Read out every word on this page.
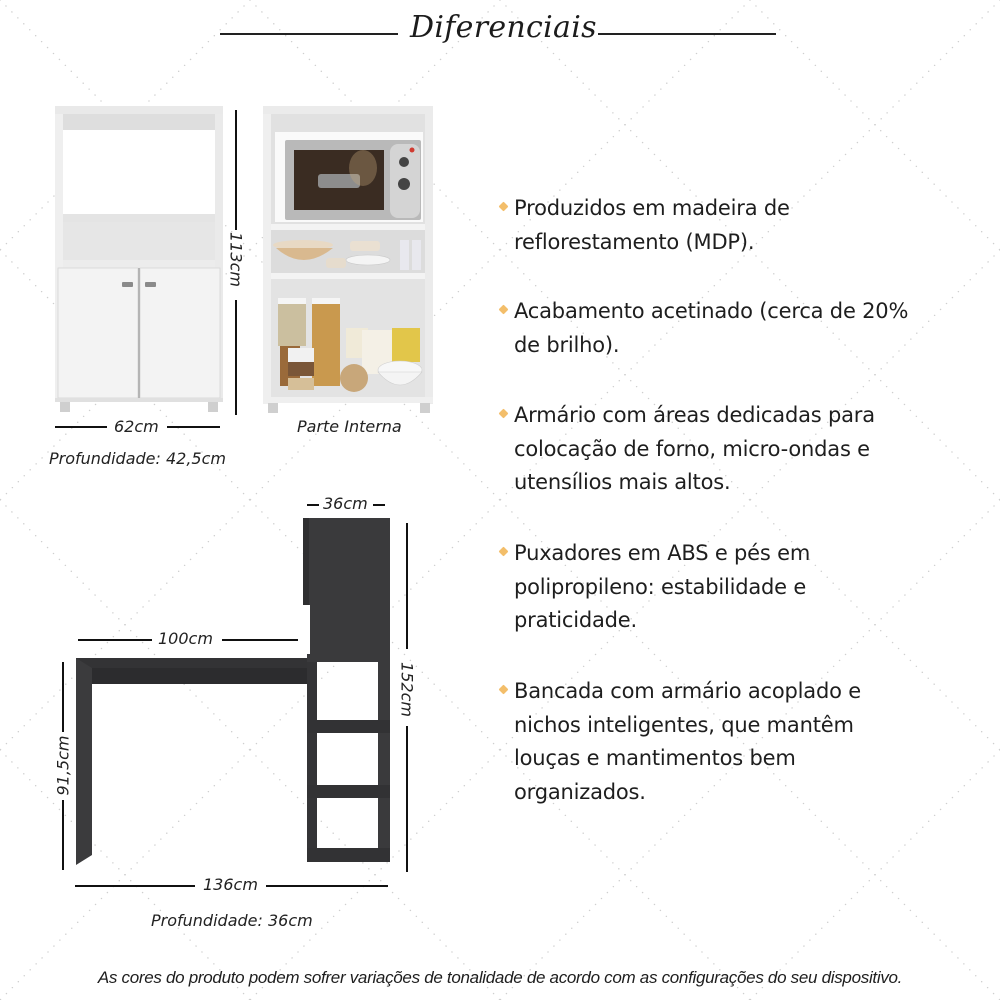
Diferenciais
113cm
62cm
Profundidade: 42,5cm
Parte Interna
36cm
100cm
152cm
91,5cm
136cm
Profundidade: 36cm
Produzidos em madeira de reflorestamento (MDP).
Acabamento acetinado (cerca de 20% de brilho).
Armário com áreas dedicadas para colocação de forno, micro-ondas e utensílios mais altos.
Puxadores em ABS e pés em polipropileno: estabilidade e praticidade.
Bancada com armário acoplado e nichos inteligentes, que mantêm louças e mantimentos bem organizados.
As cores do produto podem sofrer variações de tonalidade de acordo com as configurações do seu dispositivo.
